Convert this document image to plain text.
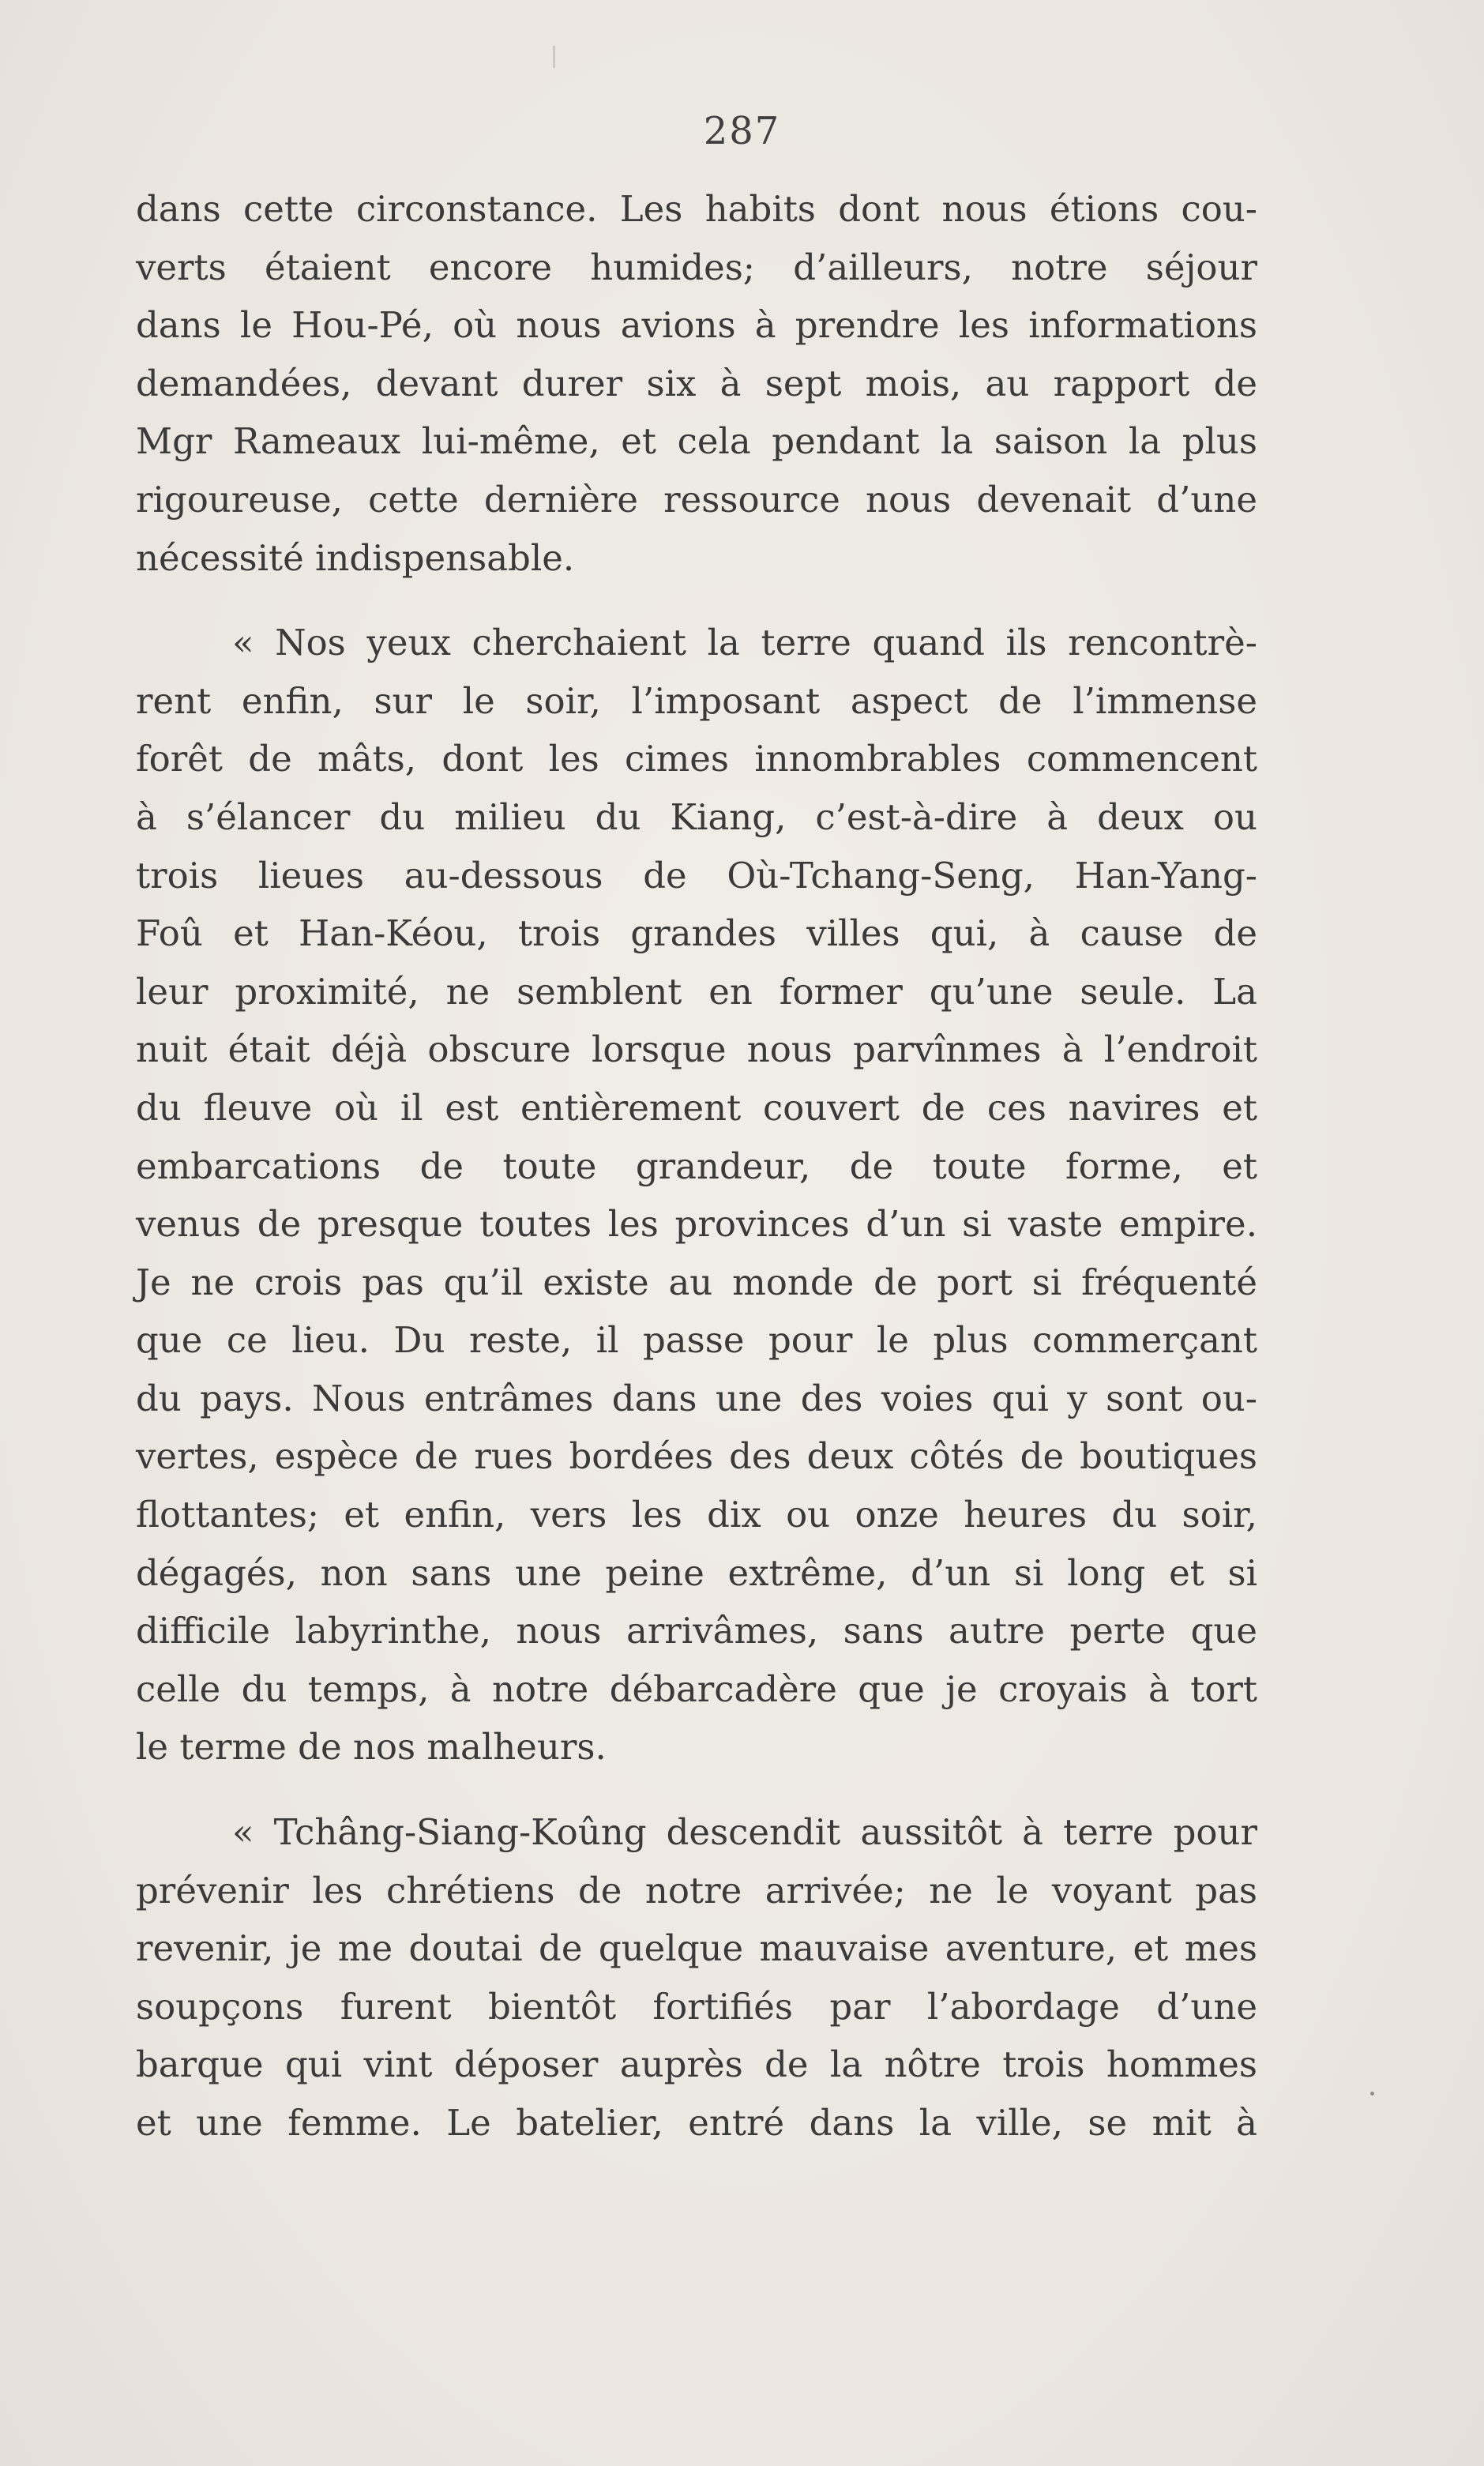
287

dans cette circonstance. Les habits dont nous étions cou-
verts étaient encore humides; d’ailleurs, notre séjour
dans le Hou-Pé, où nous avions à prendre les informations
demandées, devant durer six à sept mois, au rapport de
Mgr Rameaux lui-même, et cela pendant la saison la plus
rigoureuse, cette dernière ressource nous devenait d’une
nécessité indispensable.

« Nos yeux cherchaient la terre quand ils rencontrè-
rent enfin, sur le soir, l’imposant aspect de l’immense
forêt de mâts, dont les cimes innombrables commencent
à s’élancer du milieu du Kiang, c’est-à-dire à deux ou
trois lieues au-dessous de Où-Tchang-Seng, Han-Yang-
Foû et Han-Kéou, trois grandes villes qui, à cause de
leur proximité, ne semblent en former qu’une seule. La
nuit était déjà obscure lorsque nous parvînmes à l’endroit
du fleuve où il est entièrement couvert de ces navires et
embarcations de toute grandeur, de toute forme, et
venus de presque toutes les provinces d’un si vaste empire.
Je ne crois pas qu’il existe au monde de port si fréquenté
que ce lieu. Du reste, il passe pour le plus commerçant
du pays. Nous entrâmes dans une des voies qui y sont ou-
vertes, espèce de rues bordées des deux côtés de boutiques
flottantes; et enfin, vers les dix ou onze heures du soir,
dégagés, non sans une peine extrême, d’un si long et si
difficile labyrinthe, nous arrivâmes, sans autre perte que
celle du temps, à notre débarcadère que je croyais à tort
le terme de nos malheurs.

« Tchâng-Siang-Koûng descendit aussitôt à terre pour
prévenir les chrétiens de notre arrivée; ne le voyant pas
revenir, je me doutai de quelque mauvaise aventure, et mes
soupçons furent bientôt fortifiés par l’abordage d’une
barque qui vint déposer auprès de la nôtre trois hommes
et une femme. Le batelier, entré dans la ville, se mit à
